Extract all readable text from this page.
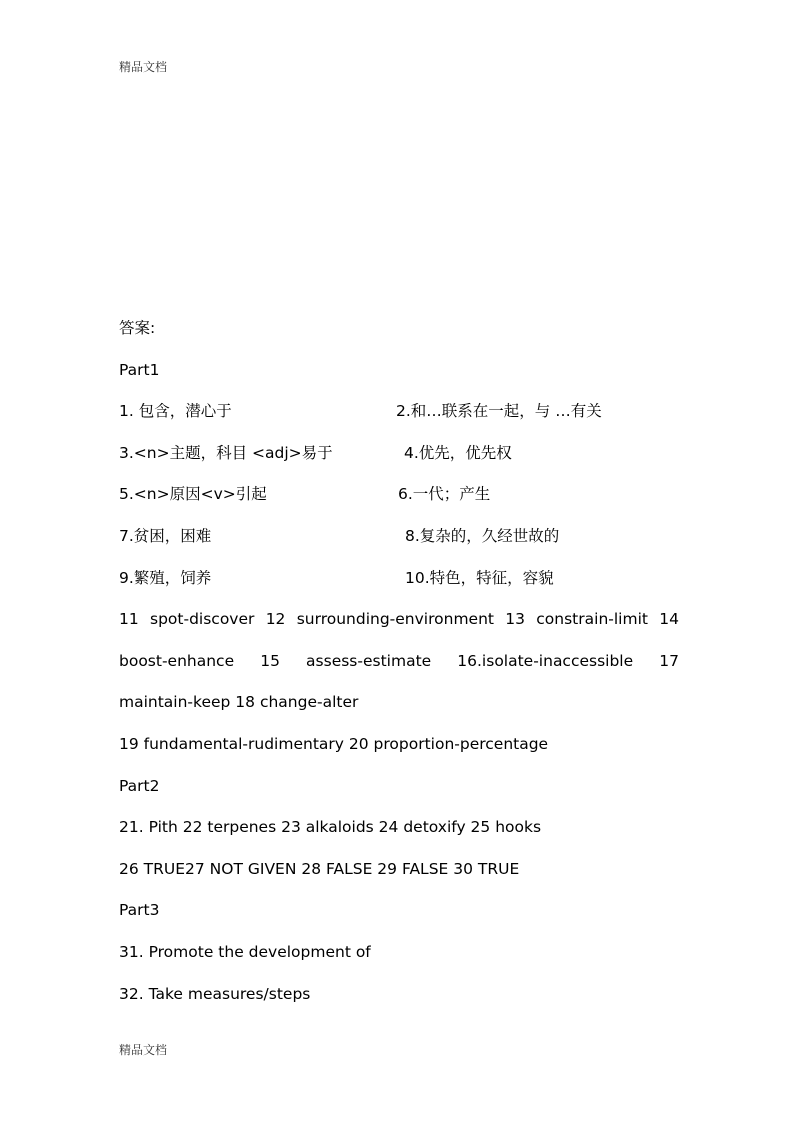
精品文档
答案:
Part1
1. 包含，潜心于	2.和…联系在一起，与 …有关
3.<n>主题，科目 <adj>易于	4.优先，优先权
5.<n>原因<v>引起	6.一代；产生
7.贫困，困难	8.复杂的，久经世故的
9.繁殖，饲养	10.特色，特征，容貌
11 spot-discover 12 surrounding-environment 13 constrain-limit 14
boost-enhance 15 assess-estimate 16.isolate-inaccessible 17
maintain-keep 18 change-alter
19 fundamental-rudimentary 20 proportion-percentage
Part2
21. Pith 22 terpenes 23 alkaloids 24 detoxify 25 hooks
26 TRUE27 NOT GIVEN 28 FALSE 29 FALSE 30 TRUE
Part3
31. Promote the development of
32. Take measures/steps
精品文档
